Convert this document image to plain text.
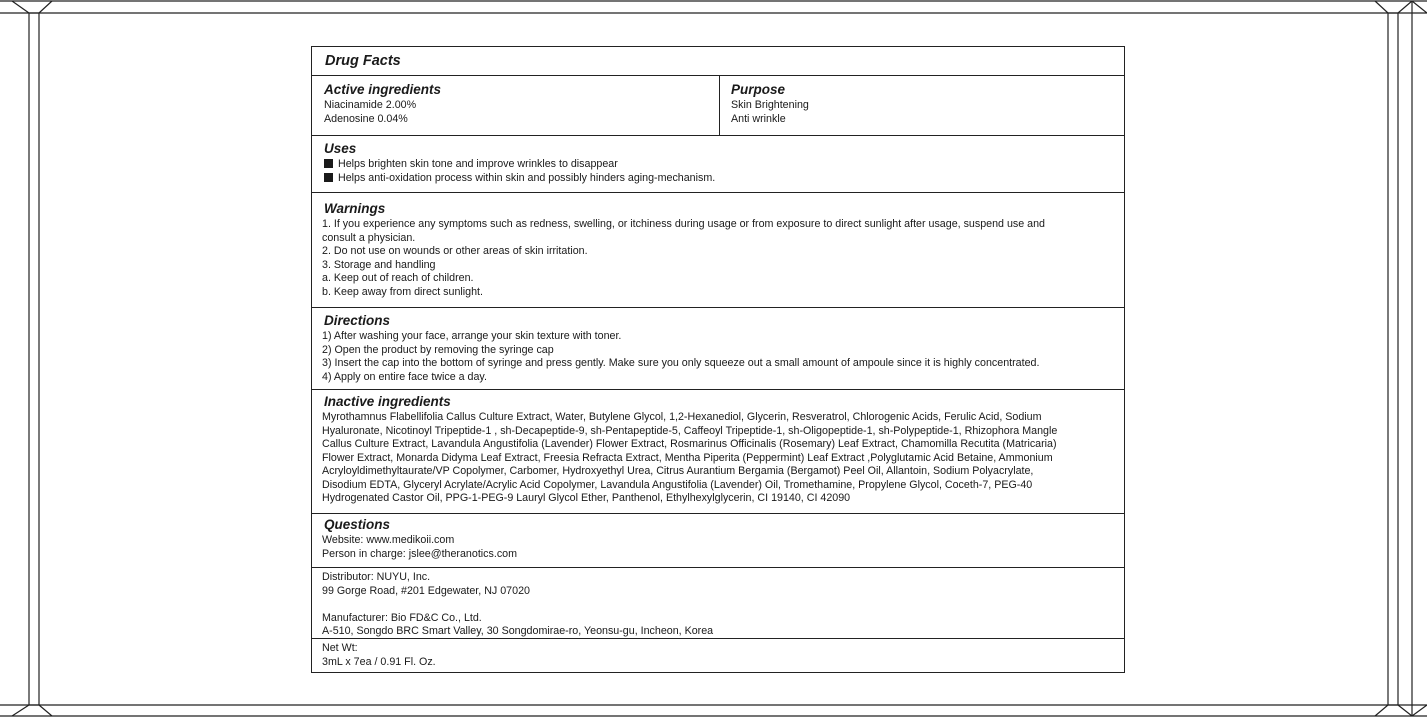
Drug Facts
Active ingredients

Niacinamide 2.00%

Adenosine 0.04%

Purpose

Skin Brightening

Anti wrinkle

Uses

Helps brighten skin tone and improve wrinkles to disappear

Helps anti-oxidation process within skin and possibly hinders aging-mechanism.

Warnings

1. If you experience any symptoms such as redness, swelling, or itchiness during usage or from exposure to direct sunlight after usage, suspend use and

consult a physician.

2. Do not use on wounds or other areas of skin irritation.

3. Storage and handling

a. Keep out of reach of children.

b. Keep away from direct sunlight.

Directions

1) After washing your face, arrange your skin texture with toner.

2) Open the product by removing the syringe cap

3) Insert the cap into the bottom of syringe and press gently. Make sure you only squeeze out a small amount of ampoule since it is highly concentrated.

4) Apply on entire face twice a day.

Inactive ingredients

Myrothamnus Flabellifolia Callus Culture Extract, Water, Butylene Glycol, 1,2-Hexanediol, Glycerin, Resveratrol, Chlorogenic Acids, Ferulic Acid, Sodium

Hyaluronate, Nicotinoyl Tripeptide-1 , sh-Decapeptide-9, sh-Pentapeptide-5, Caffeoyl Tripeptide-1, sh-Oligopeptide-1, sh-Polypeptide-1, Rhizophora Mangle

Callus Culture Extract, Lavandula Angustifolia (Lavender) Flower Extract, Rosmarinus Officinalis (Rosemary) Leaf Extract, Chamomilla Recutita (Matricaria)

Flower Extract, Monarda Didyma Leaf Extract, Freesia Refracta Extract, Mentha Piperita (Peppermint) Leaf Extract ,Polyglutamic Acid Betaine, Ammonium

Acryloyldimethyltaurate/VP Copolymer, Carbomer, Hydroxyethyl Urea, Citrus Aurantium Bergamia (Bergamot) Peel Oil, Allantoin, Sodium Polyacrylate,

Disodium EDTA, Glyceryl Acrylate/Acrylic Acid Copolymer, Lavandula Angustifolia (Lavender) Oil, Tromethamine, Propylene Glycol, Coceth-7, PEG-40

Hydrogenated Castor Oil, PPG-1-PEG-9 Lauryl Glycol Ether, Panthenol, Ethylhexylglycerin, CI 19140, CI 42090

Questions

Website: www.medikoii.com

Person in charge: jslee@theranotics.com

Distributor: NUYU, Inc.

99 Gorge Road, #201 Edgewater, NJ 07020

Manufacturer: Bio FD&C Co., Ltd.

A-510, Songdo BRC Smart Valley, 30 Songdomirae-ro, Yeonsu-gu, Incheon, Korea

Net Wt:

3mL x 7ea / 0.91 Fl. Oz.
